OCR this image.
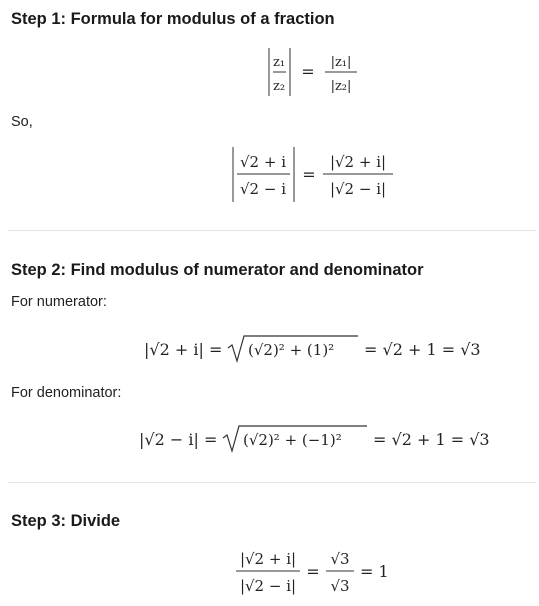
Step 1: Formula for modulus of a fraction
z₁
z₂
= |z₁|
|z₂|
So,
√2 + i
√2 − i
=
|√2 + i|
|√2 − i|
Step 2: Find modulus of numerator and denominator
For numerator:
|√2 + i| = (√2)² + (1)² = √2 + 1 = √3
For denominator:
|√2 − i| = (√2)² + (−1)² = √2 + 1 = √3
Step 3: Divide
|√2 + i|
|√2 − i|
=
√3
√3
= 1
